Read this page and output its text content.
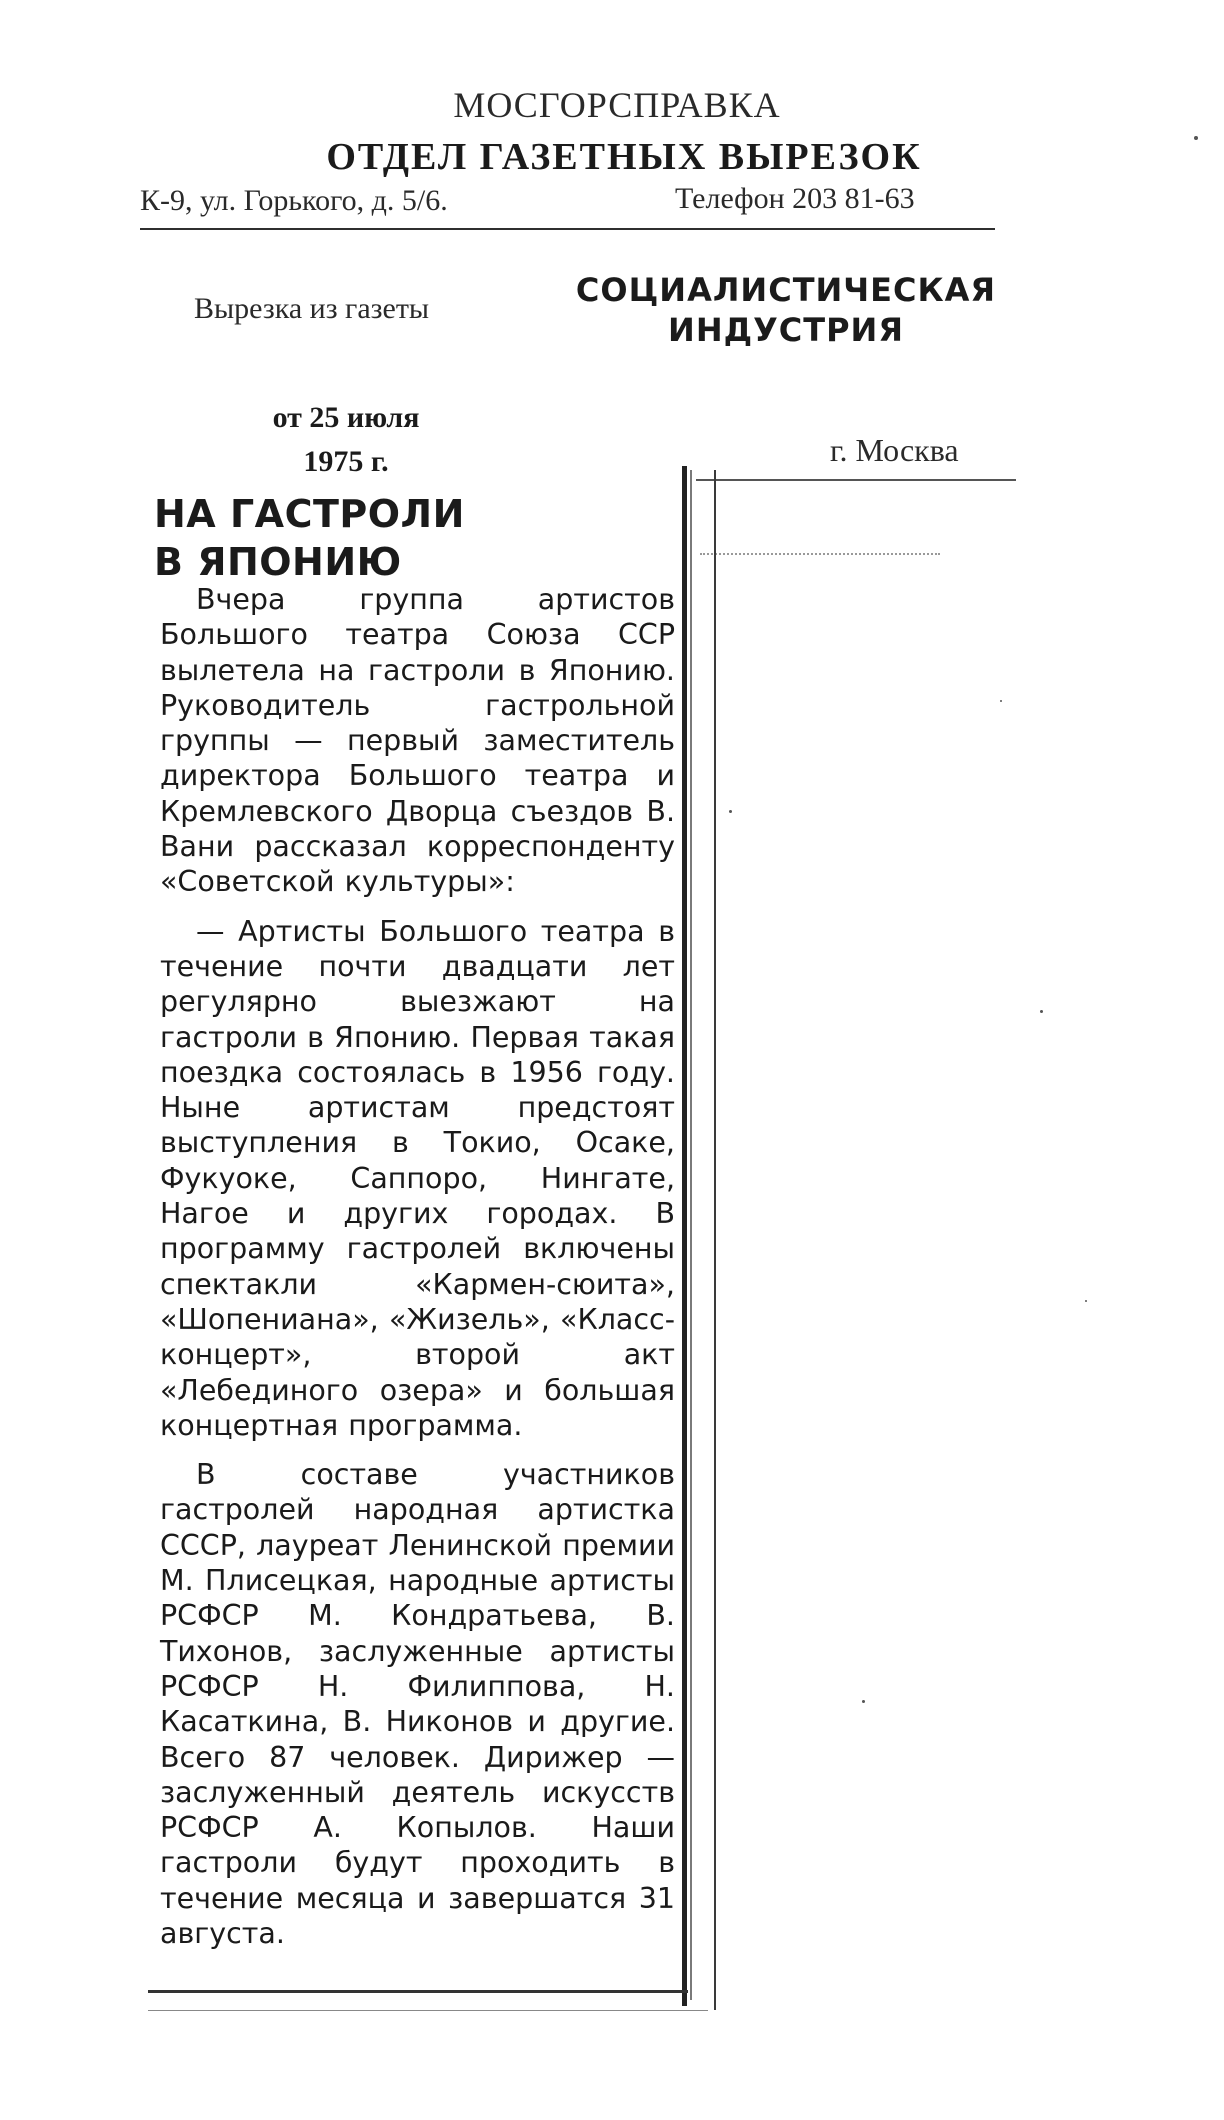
МОСГОРСПРАВКА
ОТДЕЛ ГАЗЕТНЫХ ВЫРЕЗОК
К-9, ул. Горького, д. 5/6.	Телефон 203 81-63
Вырезка из газеты	СОЦИАЛИСТИЧЕСКАЯ
ИНДУСТРИЯ
от 25 июля
1975 г.	г. Москва
НА ГАСТРОЛИ
В ЯПОНИЮ

Вчера группа артистов Большого театра Союза ССР вылетела на гастроли в Японию. Руководитель гастрольной группы — первый заместитель директора Большого театра и Кремлевского Дворца съездов В. Вани рассказал корреспонденту «Советской культуры»:

— Артисты Большого театра в течение почти двадцати лет регулярно выезжают на гастроли в Японию. Первая такая поездка состоялась в 1956 году. Ныне артистам предстоят выступления в Токио, Осаке, Фукуоке, Саппоро, Нингате, Нагое и других городах. В программу гастролей включены спектакли «Кармен-сюита», «Шопениана», «Жизель», «Класс-концерт», второй акт «Лебединого озера» и большая концертная программа.

В составе участников гастролей народная артистка СССР, лауреат Ленинской премии М. Плисецкая, народные артисты РСФСР М. Кондратьева, В. Тихонов, заслуженные артисты РСФСР Н. Филиппова, Н. Касаткина, В. Никонов и другие. Всего 87 человек. Дирижер — заслуженный деятель искусств РСФСР А. Копылов. Наши гастроли будут проходить в течение месяца и завершатся 31 августа.
